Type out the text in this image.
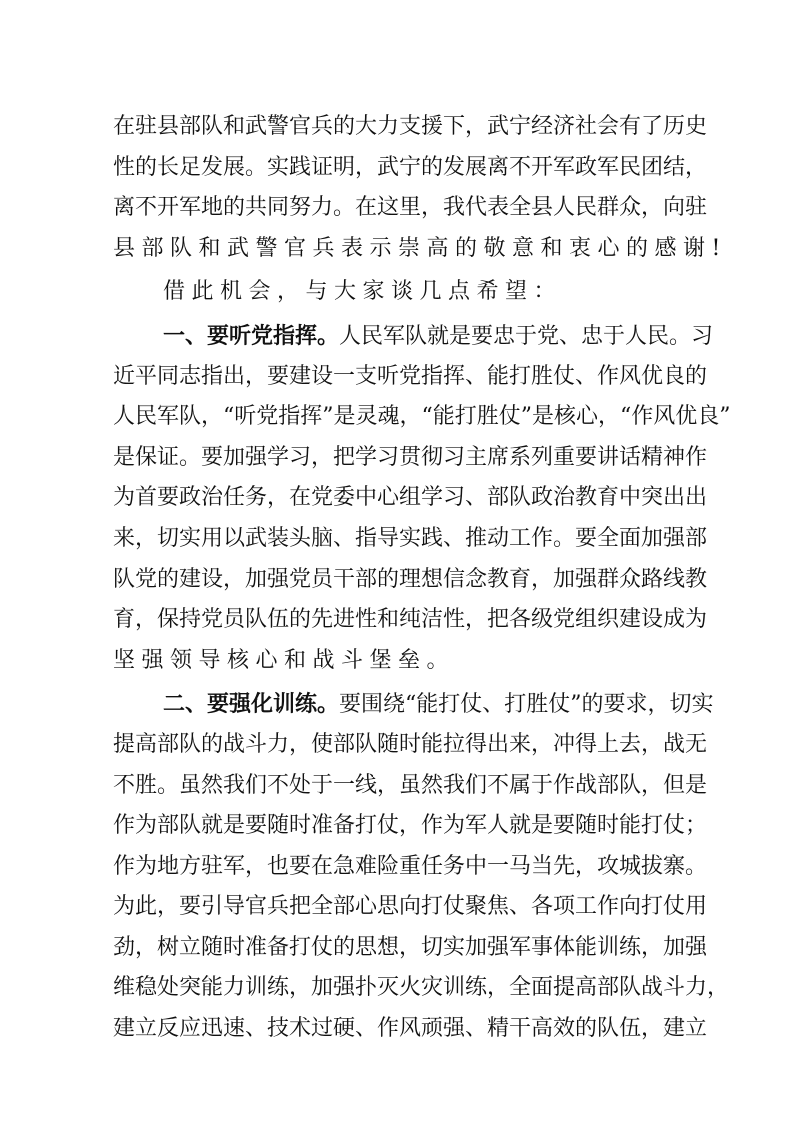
在驻县部队和武警官兵的大力支援下，武宁经济社会有了历史
性的长足发展。实践证明，武宁的发展离不开军政军民团结，
离不开军地的共同努力。在这里，我代表全县人民群众，向驻
县部队和武警官兵表示崇高的敬意和衷心的感谢!
借此机会，与大家谈几点希望：
一、要听党指挥。人民军队就是要忠于党、忠于人民。习
近平同志指出，要建设一支听党指挥、能打胜仗、作风优良的
人民军队，“听党指挥”是灵魂，“能打胜仗”是核心，“作风优良”
是保证。要加强学习，把学习贯彻习主席系列重要讲话精神作
为首要政治任务，在党委中心组学习、部队政治教育中突出出
来，切实用以武装头脑、指导实践、推动工作。要全面加强部
队党的建设，加强党员干部的理想信念教育，加强群众路线教
育，保持党员队伍的先进性和纯洁性，把各级党组织建设成为
坚强领导核心和战斗堡垒。
二、要强化训练。要围绕“能打仗、打胜仗”的要求，切实
提高部队的战斗力，使部队随时能拉得出来，冲得上去，战无
不胜。虽然我们不处于一线，虽然我们不属于作战部队，但是
作为部队就是要随时准备打仗，作为军人就是要随时能打仗；
作为地方驻军，也要在急难险重任务中一马当先，攻城拔寨。
为此，要引导官兵把全部心思向打仗聚焦、各项工作向打仗用
劲，树立随时准备打仗的思想，切实加强军事体能训练，加强
维稳处突能力训练，加强扑灭火灾训练，全面提高部队战斗力，
建立反应迅速、技术过硬、作风顽强、精干高效的队伍，建立
